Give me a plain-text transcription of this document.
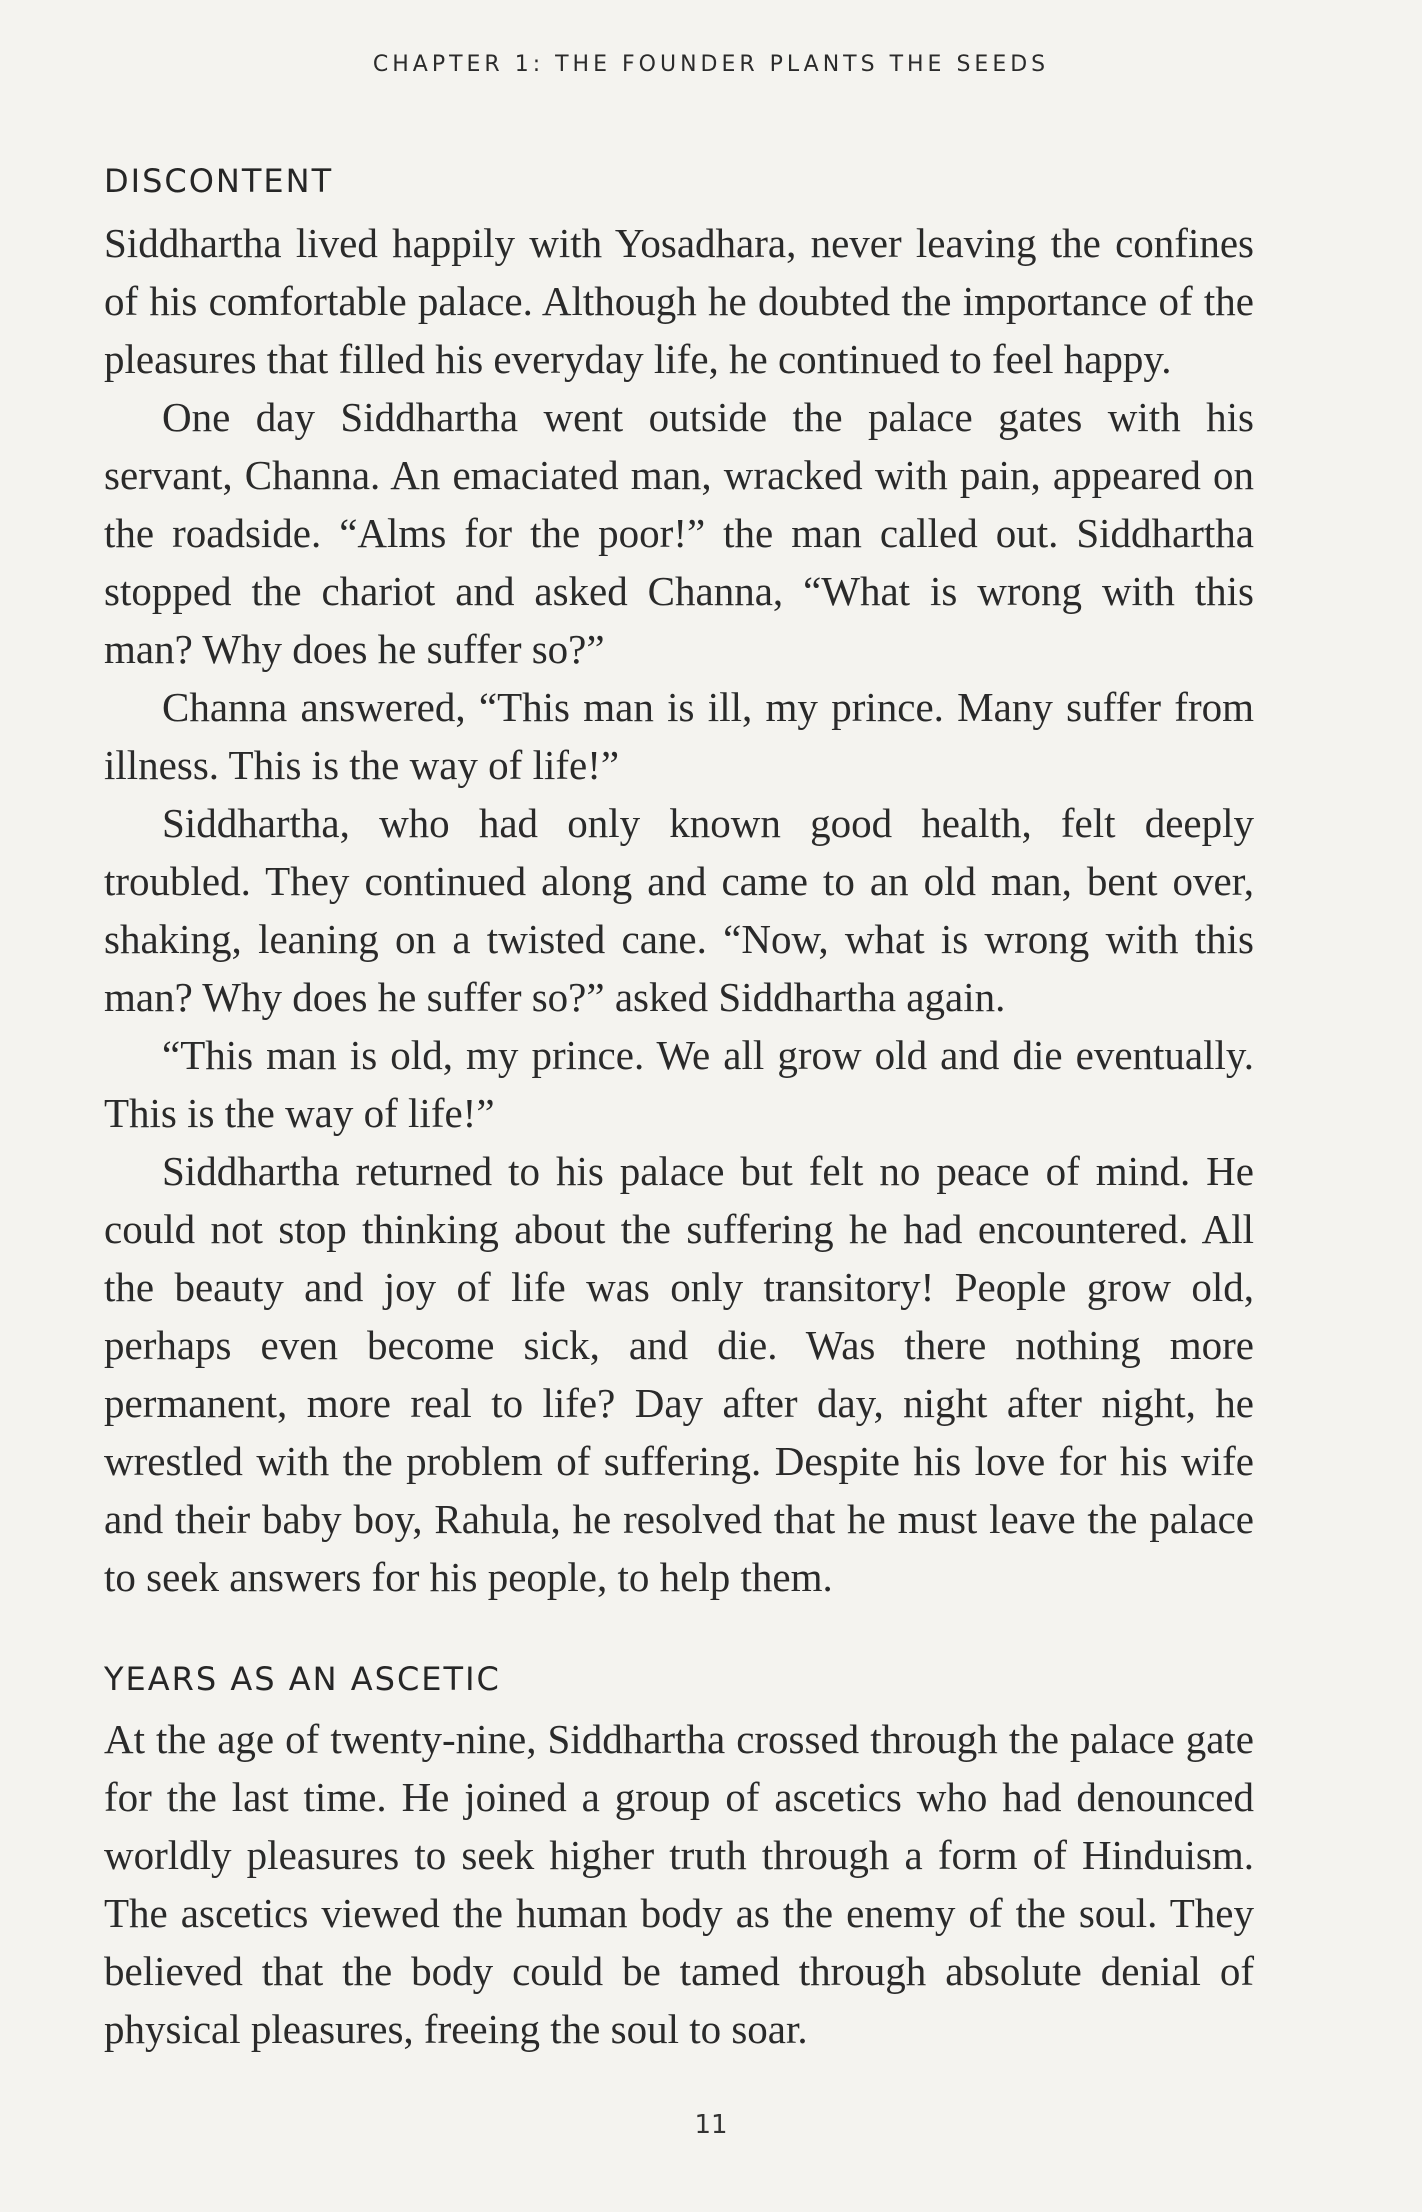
CHAPTER 1: THE FOUNDER PLANTS THE SEEDS
DISCONTENT

Siddhartha lived happily with Yosadhara, never leaving the confines of his comfortable palace. Although he doubted the importance of the pleasures that filled his everyday life, he continued to feel happy.

One day Siddhartha went outside the palace gates with his servant, Channa. An emaciated man, wracked with pain, appeared on the roadside. “Alms for the poor!” the man called out. Siddhartha stopped the chariot and asked Channa, “What is wrong with this man? Why does he suffer so?”

Channa answered, “This man is ill, my prince. Many suffer from illness. This is the way of life!”

Siddhartha, who had only known good health, felt deeply troubled. They continued along and came to an old man, bent over, shaking, leaning on a twisted cane. “Now, what is wrong with this man? Why does he suffer so?” asked Siddhartha again.

“This man is old, my prince. We all grow old and die eventually. This is the way of life!”

Siddhartha returned to his palace but felt no peace of mind. He could not stop thinking about the suffering he had encountered. All the beauty and joy of life was only transitory! People grow old, perhaps even become sick, and die. Was there nothing more permanent, more real to life? Day after day, night after night, he wrestled with the problem of suffering. Despite his love for his wife and their baby boy, Rahula, he resolved that he must leave the palace to seek answers for his people, to help them.

YEARS AS AN ASCETIC

At the age of twenty-nine, Siddhartha crossed through the palace gate for the last time. He joined a group of ascetics who had denounced worldly pleasures to seek higher truth through a form of Hinduism. The ascetics viewed the human body as the enemy of the soul. They believed that the body could be tamed through absolute denial of physical pleasures, freeing the soul to soar.

11
